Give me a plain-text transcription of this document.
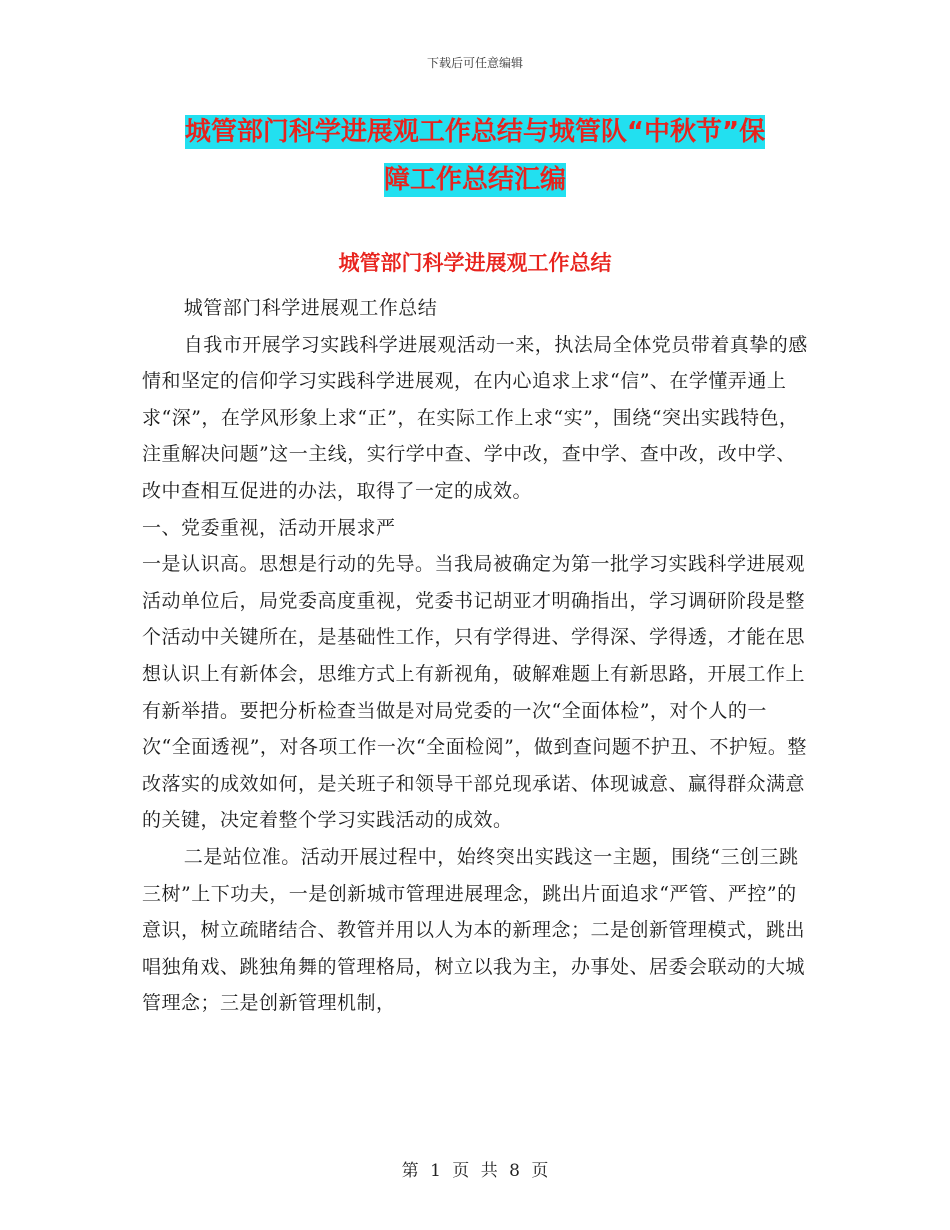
下载后可任意编辑
城管部门科学进展观工作总结与城管队“中秋节”保
障工作总结汇编
城管部门科学进展观工作总结

城管部门科学进展观工作总结

自我市开展学习实践科学进展观活动一来，执法局全体党员带着真挚的感情和坚定的信仰学习实践科学进展观，在内心追求上求“信”、在学懂弄通上求“深”，在学风形象上求“正”，在实际工作上求“实”，围绕“突出实践特色，注重解决问题”这一主线，实行学中查、学中改，查中学、查中改，改中学、改中查相互促进的办法，取得了一定的成效。

一、党委重视，活动开展求严

一是认识高。思想是行动的先导。当我局被确定为第一批学习实践科学进展观活动单位后，局党委高度重视，党委书记胡亚才明确指出，学习调研阶段是整个活动中关键所在，是基础性工作，只有学得进、学得深、学得透，才能在思想认识上有新体会，思维方式上有新视角，破解难题上有新思路，开展工作上有新举措。要把分析检查当做是对局党委的一次“全面体检”，对个人的一次“全面透视”，对各项工作一次“全面检阅”，做到查问题不护丑、不护短。整改落实的成效如何，是关班子和领导干部兑现承诺、体现诚意、赢得群众满意的关键，决定着整个学习实践活动的成效。

二是站位准。活动开展过程中，始终突出实践这一主题，围绕“三创三跳三树”上下功夫，一是创新城市管理进展理念，跳出片面追求“严管、严控”的意识，树立疏睹结合、教管并用以人为本的新理念；二是创新管理模式，跳出唱独角戏、跳独角舞的管理格局，树立以我为主，办事处、居委会联动的大城管理念；三是创新管理机制，

第 1 页 共 8 页
